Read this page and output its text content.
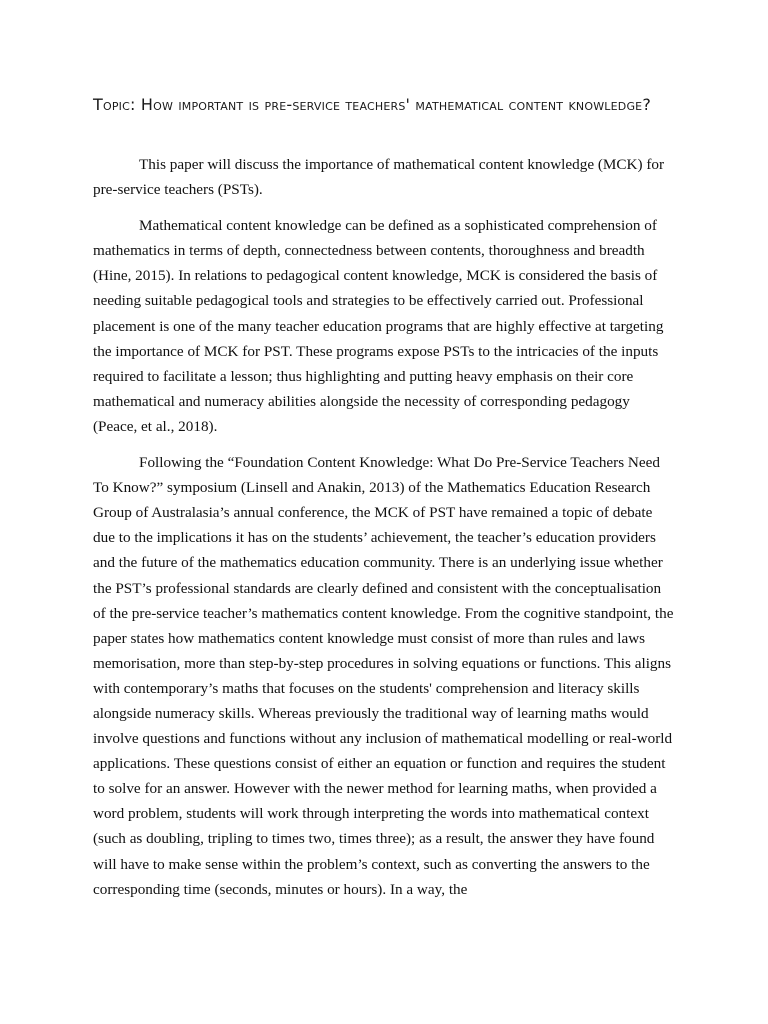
Topic: How important is pre-service teachers' mathematical content knowledge?

This paper will discuss the importance of mathematical content knowledge (MCK) for pre-service teachers (PSTs).

Mathematical content knowledge can be defined as a sophisticated comprehension of mathematics in terms of depth, connectedness between contents, thoroughness and breadth (Hine, 2015). In relations to pedagogical content knowledge, MCK is considered the basis of needing suitable pedagogical tools and strategies to be effectively carried out. Professional placement is one of the many teacher education programs that are highly effective at targeting the importance of MCK for PST. These programs expose PSTs to the intricacies of the inputs required to facilitate a lesson; thus highlighting and putting heavy emphasis on their core mathematical and numeracy abilities alongside the necessity of corresponding pedagogy (Peace, et al., 2018).

Following the “Foundation Content Knowledge: What Do Pre-Service Teachers Need To Know?” symposium (Linsell and Anakin, 2013) of the Mathematics Education Research Group of Australasia’s annual conference, the MCK of PST have remained a topic of debate due to the implications it has on the students’ achievement, the teacher’s education providers and the future of the mathematics education community. There is an underlying issue whether the PST’s professional standards are clearly defined and consistent with the conceptualisation of the pre-service teacher’s mathematics content knowledge. From the cognitive standpoint, the paper states how mathematics content knowledge must consist of more than rules and laws memorisation, more than step-by-step procedures in solving equations or functions. This aligns with contemporary’s maths that focuses on the students' comprehension and literacy skills alongside numeracy skills. Whereas previously the traditional way of learning maths would involve questions and functions without any inclusion of mathematical modelling or real-world applications. These questions consist of either an equation or function and requires the student to solve for an answer. However with the newer method for learning maths, when provided a word problem, students will work through interpreting the words into mathematical context (such as doubling, tripling to times two, times three); as a result, the answer they have found will have to make sense within the problem’s context, such as converting the answers to the corresponding time (seconds, minutes or hours). In a way, the
